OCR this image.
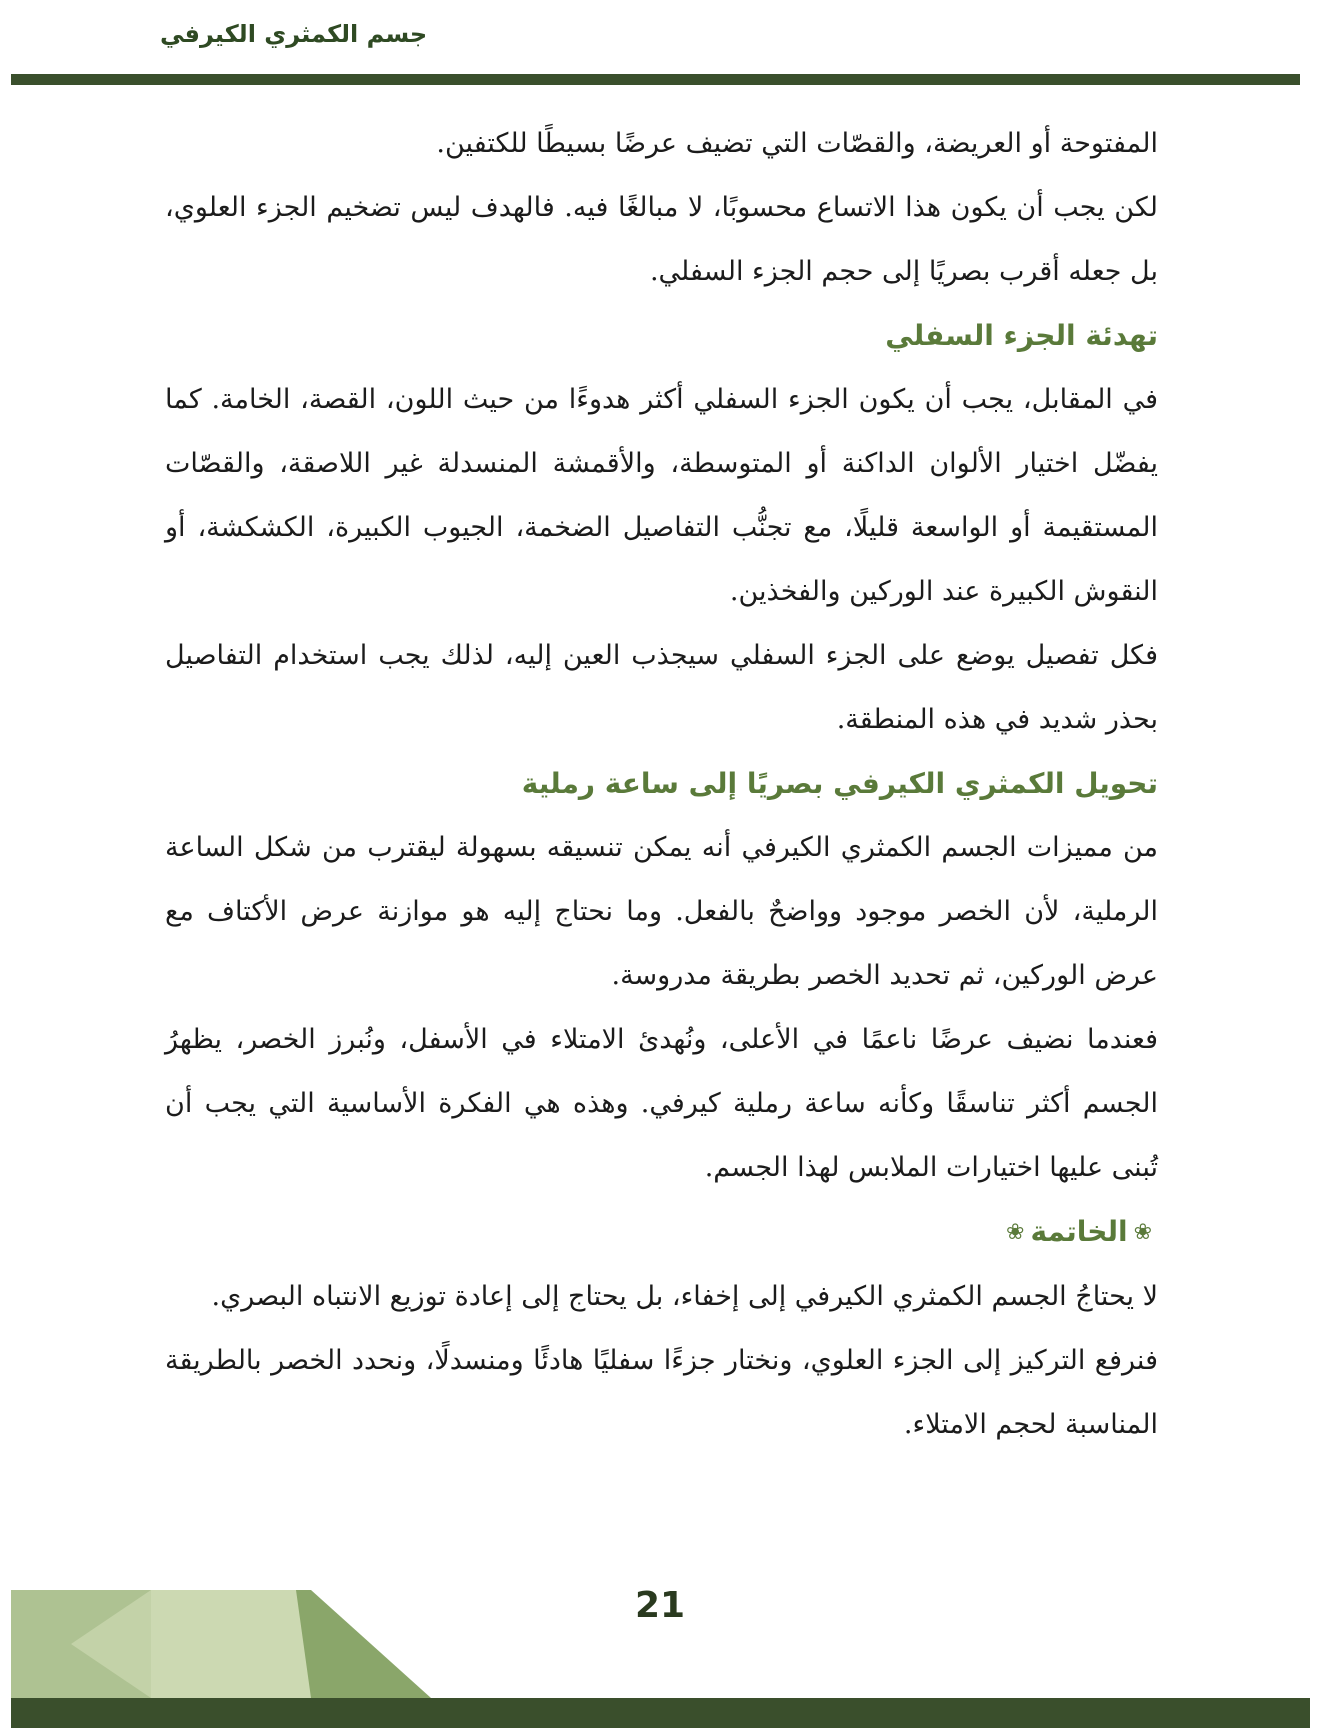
جسم الكمثري الكيرفي

المفتوحة أو العريضة، والقصّات التي تضيف عرضًا بسيطًا للكتفين.

لكن يجب أن يكون هذا الاتساع محسوبًا، لا مبالغًا فيه. فالهدف ليس تضخيم الجزء العلوي، بل جعله أقرب بصريًا إلى حجم الجزء السفلي.

تهدئة الجزء السفلي

في المقابل، يجب أن يكون الجزء السفلي أكثر هدوءًا من حيث اللون، القصة، الخامة. كما يفضّل اختيار الألوان الداكنة أو المتوسطة، والأقمشة المنسدلة غير اللاصقة، والقصّات المستقيمة أو الواسعة قليلًا، مع تجنُّب التفاصيل الضخمة، الجيوب الكبيرة، الكشكشة، أو النقوش الكبيرة عند الوركين والفخذين.

فكل تفصيل يوضع على الجزء السفلي سيجذب العين إليه، لذلك يجب استخدام التفاصيل بحذر شديد في هذه المنطقة.

تحويل الكمثري الكيرفي بصريًا إلى ساعة رملية

من مميزات الجسم الكمثري الكيرفي أنه يمكن تنسيقه بسهولة ليقترب من شكل الساعة الرملية، لأن الخصر موجود وواضحٌ بالفعل. وما نحتاج إليه هو موازنة عرض الأكتاف مع عرض الوركين، ثم تحديد الخصر بطريقة مدروسة.

فعندما نضيف عرضًا ناعمًا في الأعلى، ونُهدئ الامتلاء في الأسفل، ونُبرز الخصر، يظهرُ الجسم أكثر تناسقًا وكأنه ساعة رملية كيرفي. وهذه هي الفكرة الأساسية التي يجب أن تُبنى عليها اختيارات الملابس لهذا الجسم.

❀الخاتمة❀

لا يحتاجُ الجسم الكمثري الكيرفي إلى إخفاء، بل يحتاج إلى إعادة توزيع الانتباه البصري.

فنرفع التركيز إلى الجزء العلوي، ونختار جزءًا سفليًا هادئًا ومنسدلًا، ونحدد الخصر بالطريقة المناسبة لحجم الامتلاء.

21
